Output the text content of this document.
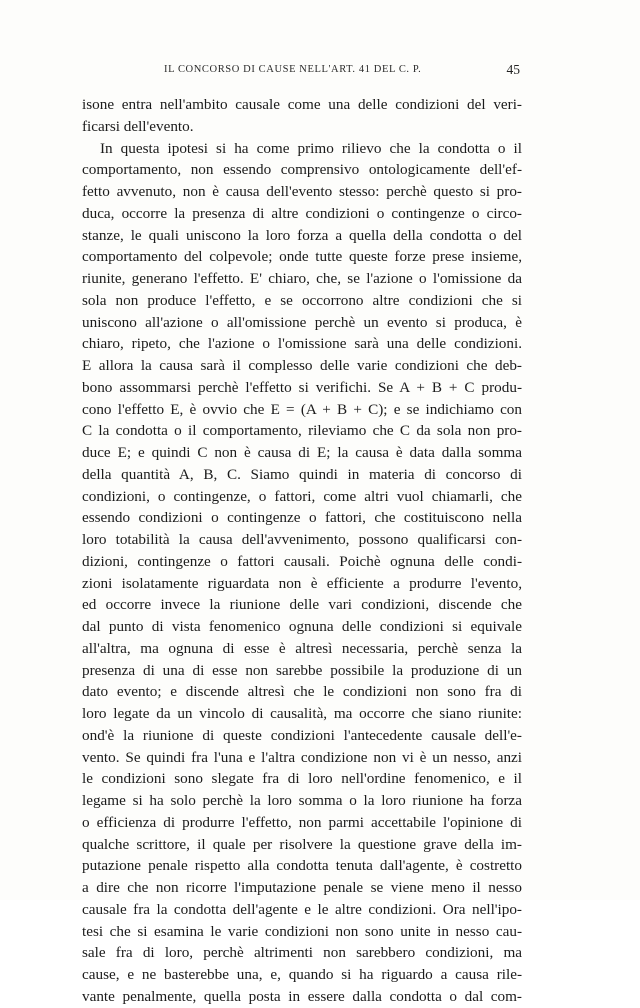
IL CONCORSO DI CAUSE NELL'ART. 41 DEL C. P.	45
isone entra nell'ambito causale come una delle condizioni del veri-
ficarsi dell'evento.
In questa ipotesi si ha come primo rilievo che la condotta o il
comportamento, non essendo comprensivo ontologicamente dell'ef-
fetto avvenuto, non è causa dell'evento stesso: perchè questo si pro-
duca, occorre la presenza di altre condizioni o contingenze o circo-
stanze, le quali uniscono la loro forza a quella della condotta o del
comportamento del colpevole; onde tutte queste forze prese insieme,
riunite, generano l'effetto. E' chiaro, che, se l'azione o l'omissione da
sola non produce l'effetto, e se occorrono altre condizioni che si
uniscono all'azione o all'omissione perchè un evento si produca, è
chiaro, ripeto, che l'azione o l'omissione sarà una delle condizioni.
E allora la causa sarà il complesso delle varie condizioni che deb-
bono assommarsi perchè l'effetto si verifichi. Se A + B + C produ-
cono l'effetto E, è ovvio che E = (A + B + C); e se indichiamo con
C la condotta o il comportamento, rileviamo che C da sola non pro-
duce E; e quindi C non è causa di E; la causa è data dalla somma
della quantità A, B, C. Siamo quindi in materia di concorso di
condizioni, o contingenze, o fattori, come altri vuol chiamarli, che
essendo condizioni o contingenze o fattori, che costituiscono nella
loro totabilità la causa dell'avvenimento, possono qualificarsi con-
dizioni, contingenze o fattori causali. Poichè ognuna delle condi-
zioni isolatamente riguardata non è efficiente a produrre l'evento,
ed occorre invece la riunione delle vari condizioni, discende che
dal punto di vista fenomenico ognuna delle condizioni si equivale
all'altra, ma ognuna di esse è altresì necessaria, perchè senza la
presenza di una di esse non sarebbe possibile la produzione di un
dato evento; e discende altresì che le condizioni non sono fra di
loro legate da un vincolo di causalità, ma occorre che siano riunite:
ond'è la riunione di queste condizioni l'antecedente causale dell'e-
vento. Se quindi fra l'una e l'altra condizione non vi è un nesso, anzi
le condizioni sono slegate fra di loro nell'ordine fenomenico, e il
legame si ha solo perchè la loro somma o la loro riunione ha forza
o efficienza di produrre l'effetto, non parmi accettabile l'opinione di
qualche scrittore, il quale per risolvere la questione grave della im-
putazione penale rispetto alla condotta tenuta dall'agente, è costretto
a dire che non ricorre l'imputazione penale se viene meno il nesso
causale fra la condotta dell'agente e le altre condizioni. Ora nell'ipo-
tesi che si esamina le varie condizioni non sono unite in nesso cau-
sale fra di loro, perchè altrimenti non sarebbero condizioni, ma
cause, e ne basterebbe una, e, quando si ha riguardo a causa rile-
vante penalmente, quella posta in essere dalla condotta o dal com-
